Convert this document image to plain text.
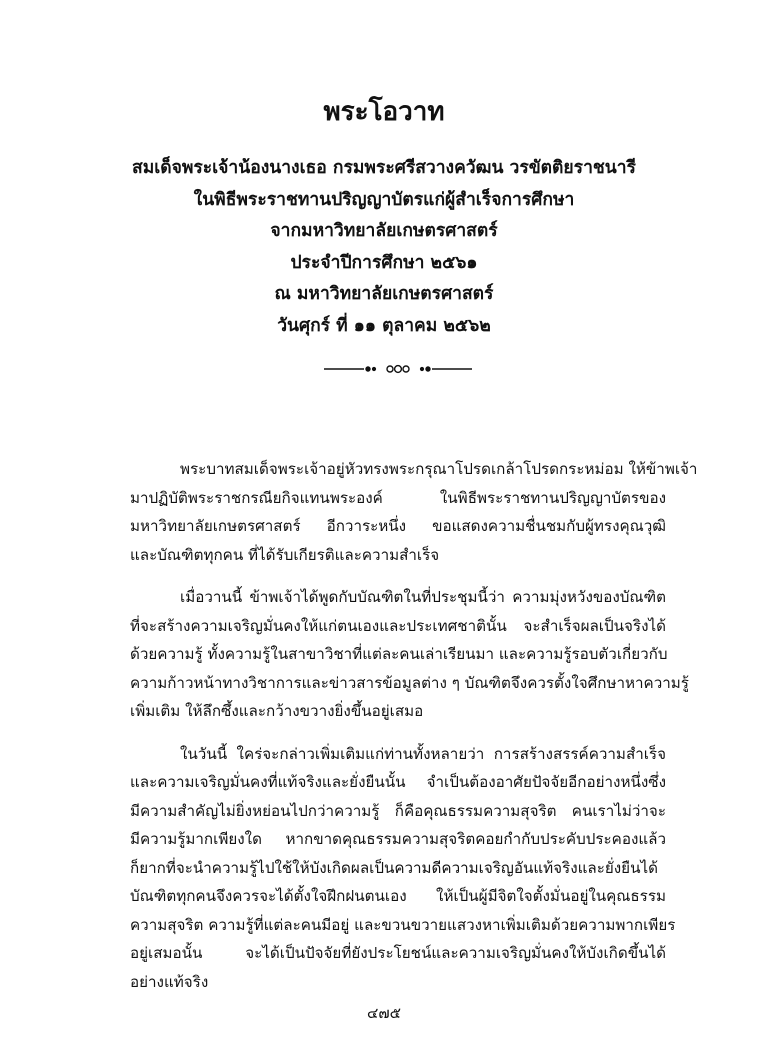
พระโอวาท
สมเด็จพระเจ้าน้องนางเธอ กรมพระศรีสวางควัฒน วรขัตติยราชนารี
ในพิธีพระราชทานปริญญาบัตรแก่ผู้สำเร็จการศึกษา
จากมหาวิทยาลัยเกษตรศาสตร์
ประจำปีการศึกษา ๒๕๖๑
ณ มหาวิทยาลัยเกษตรศาสตร์
วันศุกร์ ที่ ๑๑ ตุลาคม ๒๕๖๒

พระบาทสมเด็จพระเจ้าอยู่หัวทรงพระกรุณาโปรดเกล้าโปรดกระหม่อม ให้ข้าพเจ้า
มาปฏิบัติพระราชกรณียกิจแทนพระองค์ ในพิธีพระราชทานปริญญาบัตรของ
มหาวิทยาลัยเกษตรศาสตร์ อีกวาระหนึ่ง ขอแสดงความชื่นชมกับผู้ทรงคุณวุฒิ
และบัณฑิตทุกคน ที่ได้รับเกียรติและความสำเร็จ

เมื่อวานนี้ ข้าพเจ้าได้พูดกับบัณฑิตในที่ประชุมนี้ว่า ความมุ่งหวังของบัณฑิต
ที่จะสร้างความเจริญมั่นคงให้แก่ตนเองและประเทศชาตินั้น จะสำเร็จผลเป็นจริงได้
ด้วยความรู้ ทั้งความรู้ในสาขาวิชาที่แต่ละคนเล่าเรียนมา และความรู้รอบตัวเกี่ยวกับ
ความก้าวหน้าทางวิชาการและข่าวสารข้อมูลต่าง ๆ บัณฑิตจึงควรตั้งใจศึกษาหาความรู้
เพิ่มเติม ให้ลึกซึ้งและกว้างขวางยิ่งขึ้นอยู่เสมอ

ในวันนี้ ใคร่จะกล่าวเพิ่มเติมแก่ท่านทั้งหลายว่า การสร้างสรรค์ความสำเร็จ
และความเจริญมั่นคงที่แท้จริงและยั่งยืนนั้น จำเป็นต้องอาศัยปัจจัยอีกอย่างหนึ่งซึ่ง
มีความสำคัญไม่ยิ่งหย่อนไปกว่าความรู้ ก็คือคุณธรรมความสุจริต คนเราไม่ว่าจะ
มีความรู้มากเพียงใด หากขาดคุณธรรมความสุจริตคอยกำกับประคับประคองแล้ว
ก็ยากที่จะนำความรู้ไปใช้ให้บังเกิดผลเป็นความดีความเจริญอันแท้จริงและยั่งยืนได้
บัณฑิตทุกคนจึงควรจะได้ตั้งใจฝึกฝนตนเอง ให้เป็นผู้มีจิตใจตั้งมั่นอยู่ในคุณธรรม
ความสุจริต ความรู้ที่แต่ละคนมีอยู่ และขวนขวายแสวงหาเพิ่มเติมด้วยความพากเพียร
อยู่เสมอนั้น จะได้เป็นปัจจัยที่ยังประโยชน์และความเจริญมั่นคงให้บังเกิดขึ้นได้
อย่างแท้จริง

๔๗๕
